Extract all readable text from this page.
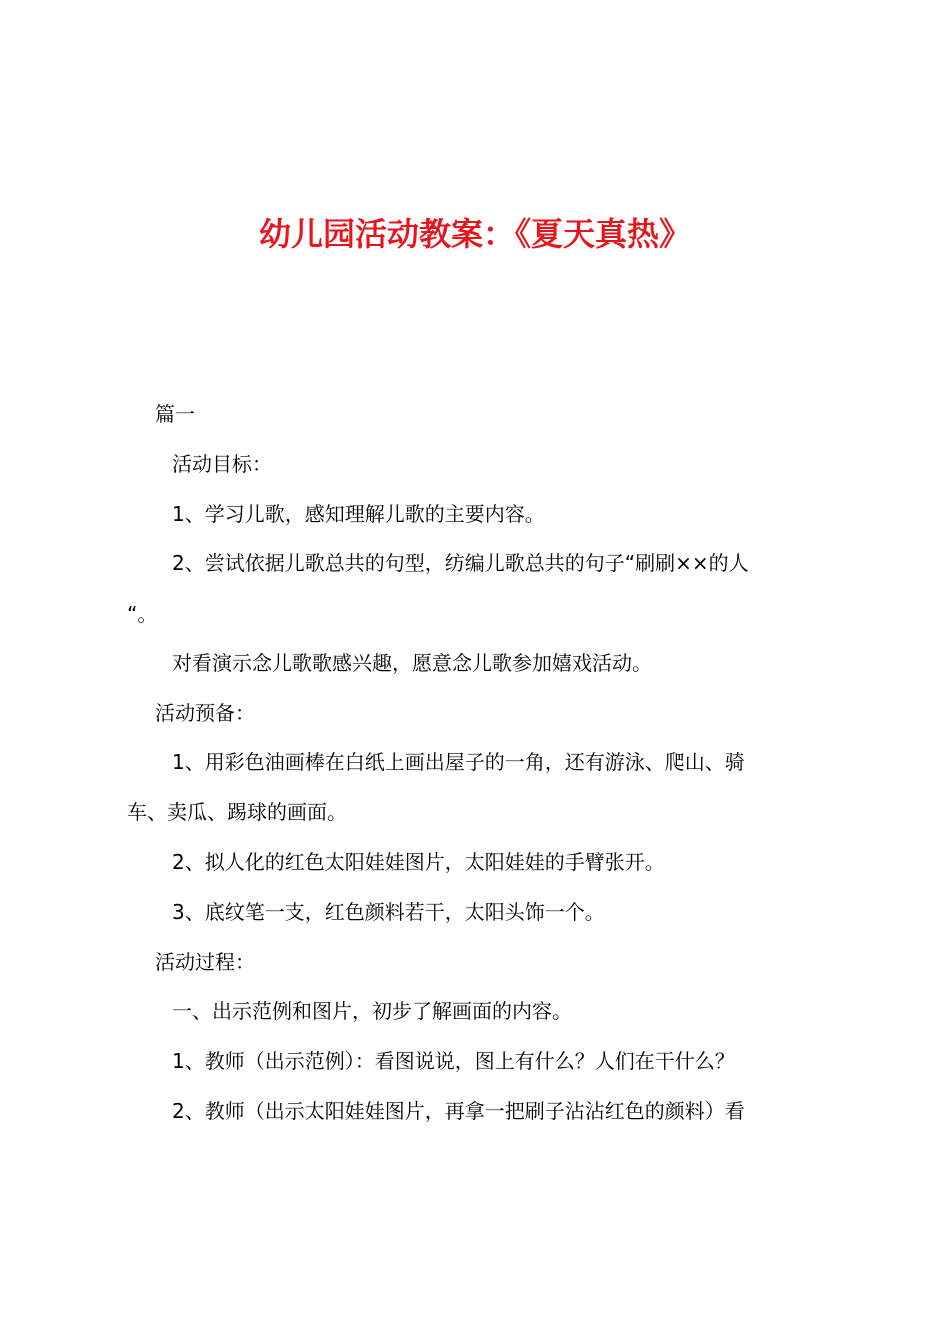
幼儿园活动教案：《夏天真热》
篇一
活动目标：
1、学习儿歌，感知理解儿歌的主要内容。
2、尝试依据儿歌总共的句型，纺编儿歌总共的句子“刷刷××的人
“。
对看演示念儿歌歌感兴趣，愿意念儿歌参加嬉戏活动。
活动预备：
1、用彩色油画棒在白纸上画出屋子的一角，还有游泳、爬山、骑
车、卖瓜、踢球的画面。
2、拟人化的红色太阳娃娃图片，太阳娃娃的手臂张开。
3、底纹笔一支，红色颜料若干，太阳头饰一个。
活动过程：
一、出示范例和图片，初步了解画面的内容。
1、教师（出示范例）：看图说说，图上有什么？人们在干什么？
2、教师（出示太阳娃娃图片，再拿一把刷子沾沾红色的颜料）看
